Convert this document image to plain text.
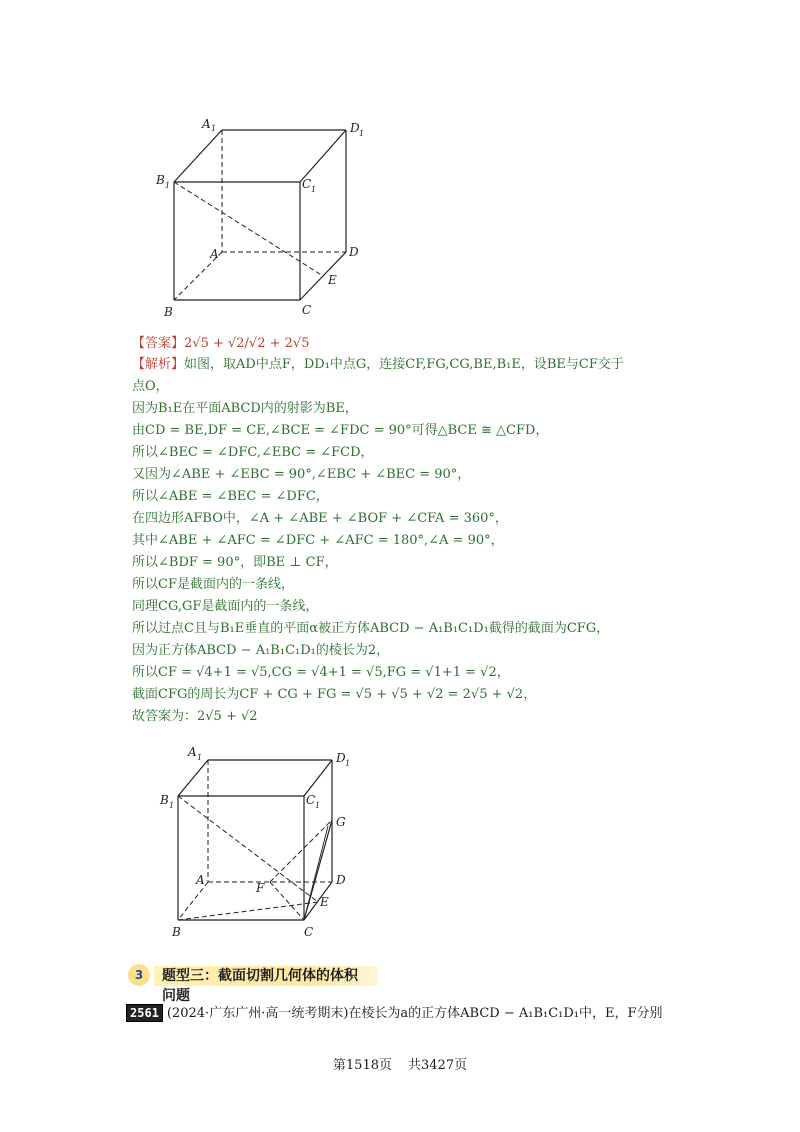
A 1	D 1
B 1	C 1
A	D
E
B	C
【答案】2√5 + √2/√2 + 2√5
【解析】如图，取AD中点F，DD₁中点G，连接CF,FG,CG,BE,B₁E，设BE与CF交于
点O，
因为B₁E在平面ABCD内的射影为BE，
由CD = BE,DF = CE,∠BCE = ∠FDC = 90°可得△BCE ≅ △CFD，
所以∠BEC = ∠DFC,∠EBC = ∠FCD，
又因为∠ABE + ∠EBC = 90°,∠EBC + ∠BEC = 90°，
所以∠ABE = ∠BEC = ∠DFC，
在四边形AFBO中，∠A + ∠ABE + ∠BOF + ∠CFA = 360°，
其中∠ABE + ∠AFC = ∠DFC + ∠AFC = 180°,∠A = 90°，
所以∠BDF = 90°，即BE ⊥ CF，
所以CF是截面内的一条线，
同理CG,GF是截面内的一条线，
所以过点C且与B₁E垂直的平面α被正方体ABCD − A₁B₁C₁D₁截得的截面为CFG，
因为正方体ABCD − A₁B₁C₁D₁的棱长为2，
所以CF = √4+1 = √5,CG = √4+1 = √5,FG = √1+1 = √2，
截面CFG的周长为CF + CG + FG = √5 + √5 + √2 = 2√5 + √2，
故答案为：2√5 + √2
A 1	D 1
B 1	C 1
G
A
F
D
E
B	C
3	题型三：截面切割几何体的体积问题
2561 (2024·广东广州·高一统考期末)在棱长为a的正方体ABCD − A₁B₁C₁D₁中，E，F分别
第1518页 共3427页
